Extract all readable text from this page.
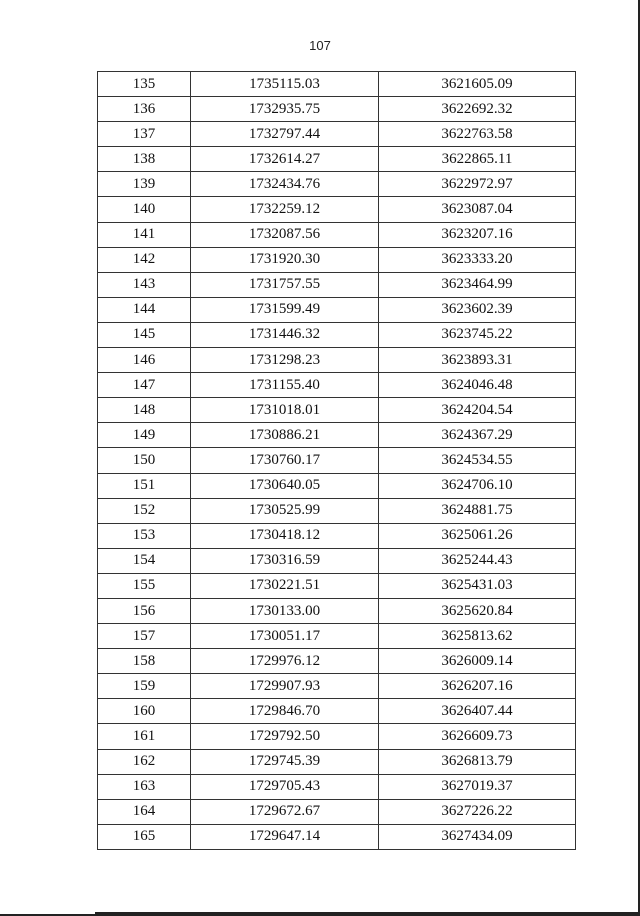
107
135	1735115.03	3621605.09
136	1732935.75	3622692.32
137	1732797.44	3622763.58
138	1732614.27	3622865.11
139	1732434.76	3622972.97
140	1732259.12	3623087.04
141	1732087.56	3623207.16
142	1731920.30	3623333.20
143	1731757.55	3623464.99
144	1731599.49	3623602.39
145	1731446.32	3623745.22
146	1731298.23	3623893.31
147	1731155.40	3624046.48
148	1731018.01	3624204.54
149	1730886.21	3624367.29
150	1730760.17	3624534.55
151	1730640.05	3624706.10
152	1730525.99	3624881.75
153	1730418.12	3625061.26
154	1730316.59	3625244.43
155	1730221.51	3625431.03
156	1730133.00	3625620.84
157	1730051.17	3625813.62
158	1729976.12	3626009.14
159	1729907.93	3626207.16
160	1729846.70	3626407.44
161	1729792.50	3626609.73
162	1729745.39	3626813.79
163	1729705.43	3627019.37
164	1729672.67	3627226.22
165	1729647.14	3627434.09
